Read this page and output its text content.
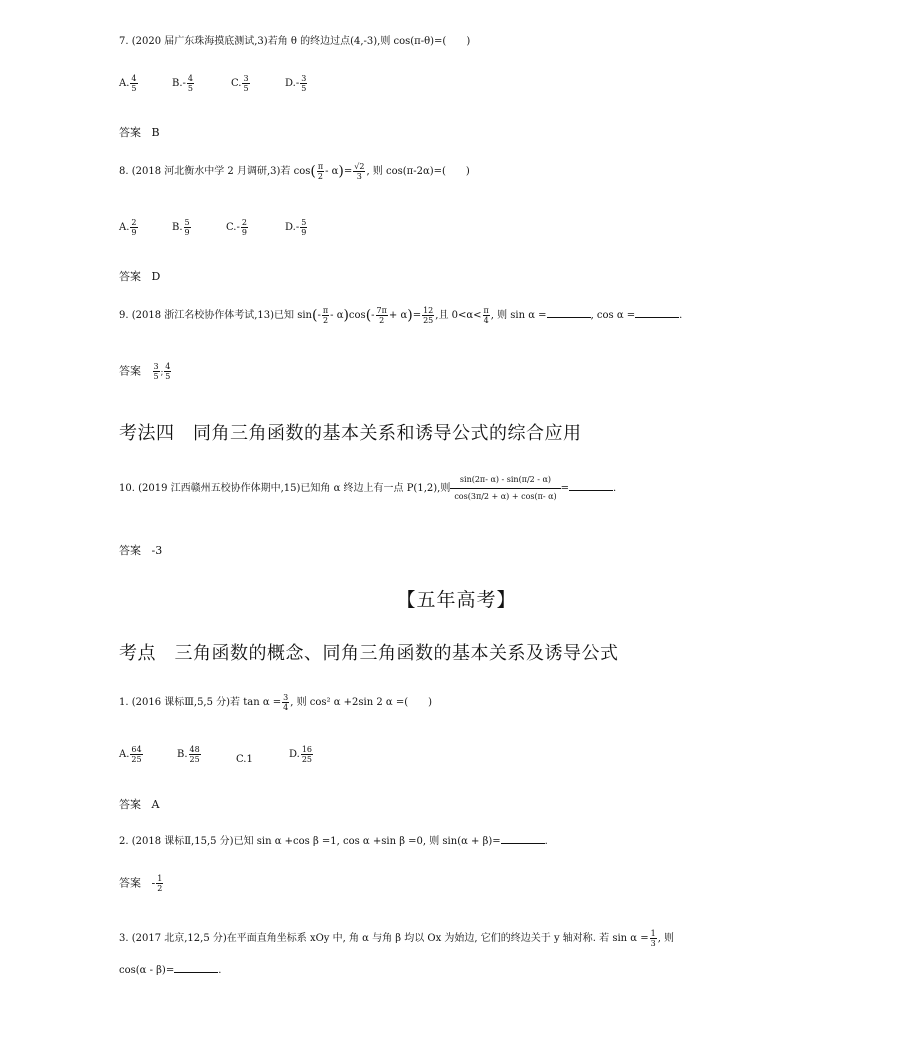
7. (2020 届广东珠海摸底测试,3)若角 θ 的终边过点(4,-3),则 cos(π-θ)=(　　)
A. $\frac{4}{5}$	$B.- \frac{4}{5}$	C. $\frac{3}{5}$	$D.- \frac{3}{5}$
答案 B
8. (2018 河北衡水中学 2 月调研,3)若 $\cos( \frac{\pi}{2} - \alpha)= \frac{√2}{3}$ , 则 cos(π-2α)=(　　)
A. $\frac{2}{9}$	B. $\frac{5}{9}$	$C.- \frac{2}{9}$	$D.- \frac{5}{9}$
答案 D
9. (2018 浙江名校协作体考试,13)已知 $\sin(- \frac{\pi}{2} - \alpha)\cos(- \frac{7\pi}{2} + \alpha)= \frac{12}{25}$ ,且 $0<\alpha< \frac{\pi}{4}$ , 则 sin α =	, cos α =	.
答案 $\frac{3}{5}$ ; $\frac{4}{5}$
考法四　同角三角函数的基本关系和诱导公式的综合应用
10. (2019 江西赣州五校协作体期中,15)已知角 α 终边上有一点 P(1,2),则 $\frac{\sin(2\pi- \alpha) - \sin(\pi/2 - \alpha)}{\cos(3\pi/2 + \alpha) + \cos(\pi- \alpha)}$ =	.
答案 -3
【五年高考】
考点　三角函数的概念、同角三角函数的基本关系及诱导公式
1. (2016 课标Ⅲ,5,5 分)若 $\tan \alpha = \frac{3}{4}$ , 则 cos² α +2sin 2 α =(　　)
A. $\frac{64}{25}$	B. $\frac{48}{25}$	C.1	D. $\frac{16}{25}$
答案 A
2. (2018 课标Ⅱ,15,5 分)已知 sin α +cos β =1, cos α +sin β =0, 则 sin(α + β)=	.
答案 - $\frac{1}{2}$
3. (2017 北京,12,5 分)在平面直角坐标系 xOy 中, 角 α 与角 β 均以 Ox 为始边, 它们的终边关于 y 轴对称. 若 $\sin \alpha = \frac{1}{3}$ , 则
cos(α - β)=	.
